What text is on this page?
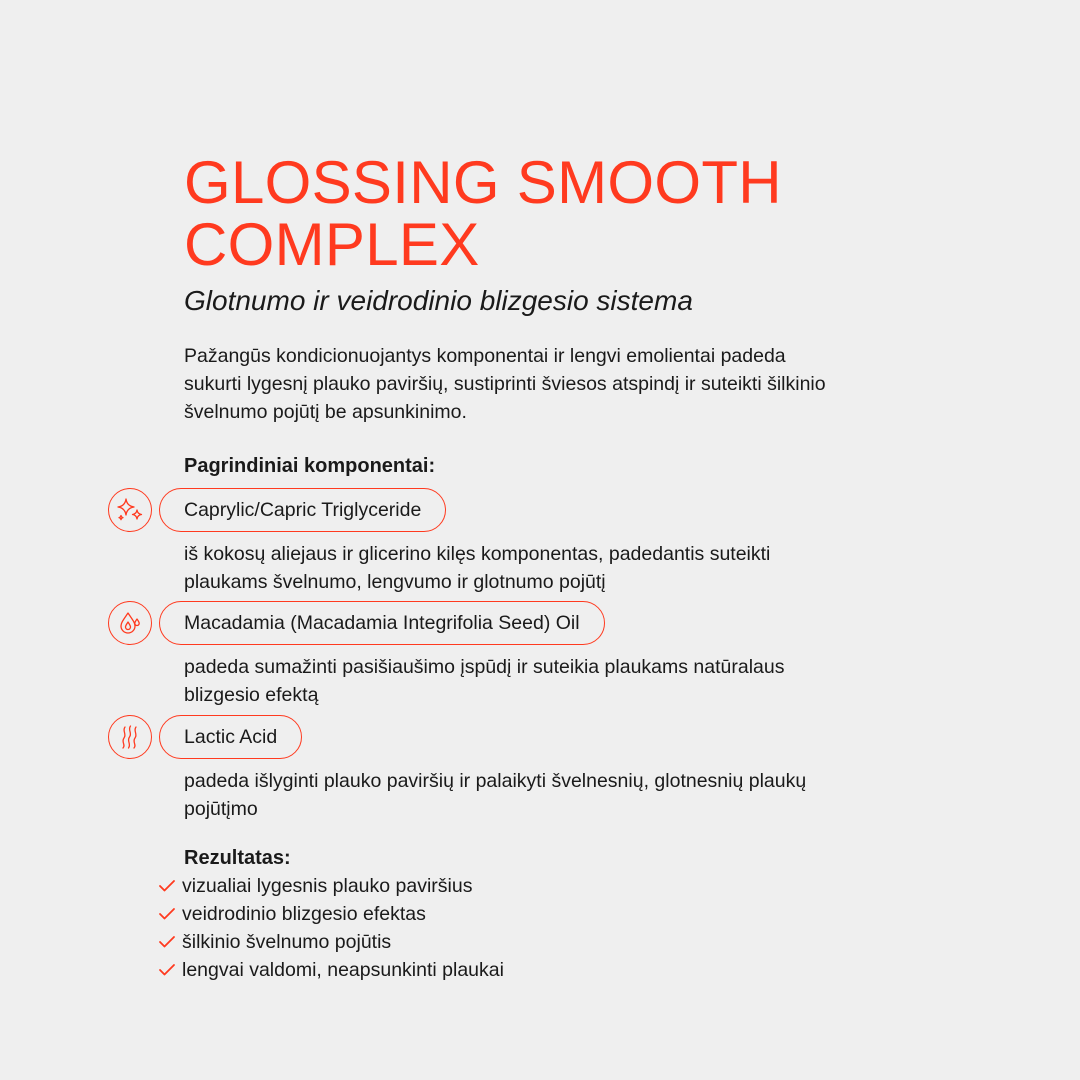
GLOSSING SMOOTH
COMPLEX

Glotnumo ir veidrodinio blizgesio sistema

Pažangūs kondicionuojantys komponentai ir lengvi emolientai padeda sukurti lygesnį plauko paviršių, sustiprinti šviesos atspindį ir suteikti šilkinio švelnumo pojūtį be apsunkinimo.

Pagrindiniai komponentai:
Caprylic/Capric Triglyceride

iš kokosų aliejaus ir glicerino kilęs komponentas, padedantis suteikti plaukams švelnumo, lengvumo ir glotnumo pojūtį

Macadamia (Macadamia Integrifolia Seed) Oil

padeda sumažinti pasišiaušimo įspūdį ir suteikia plaukams natūralaus blizgesio efektą

Lactic Acid

padeda išlyginti plauko paviršių ir palaikyti švelnesnių, glotnesnių plaukų pojūtįmo

Rezultatas:
vizualiai lygesnis plauko paviršius
veidrodinio blizgesio efektas
šilkinio švelnumo pojūtis
lengvai valdomi, neapsunkinti plaukai
